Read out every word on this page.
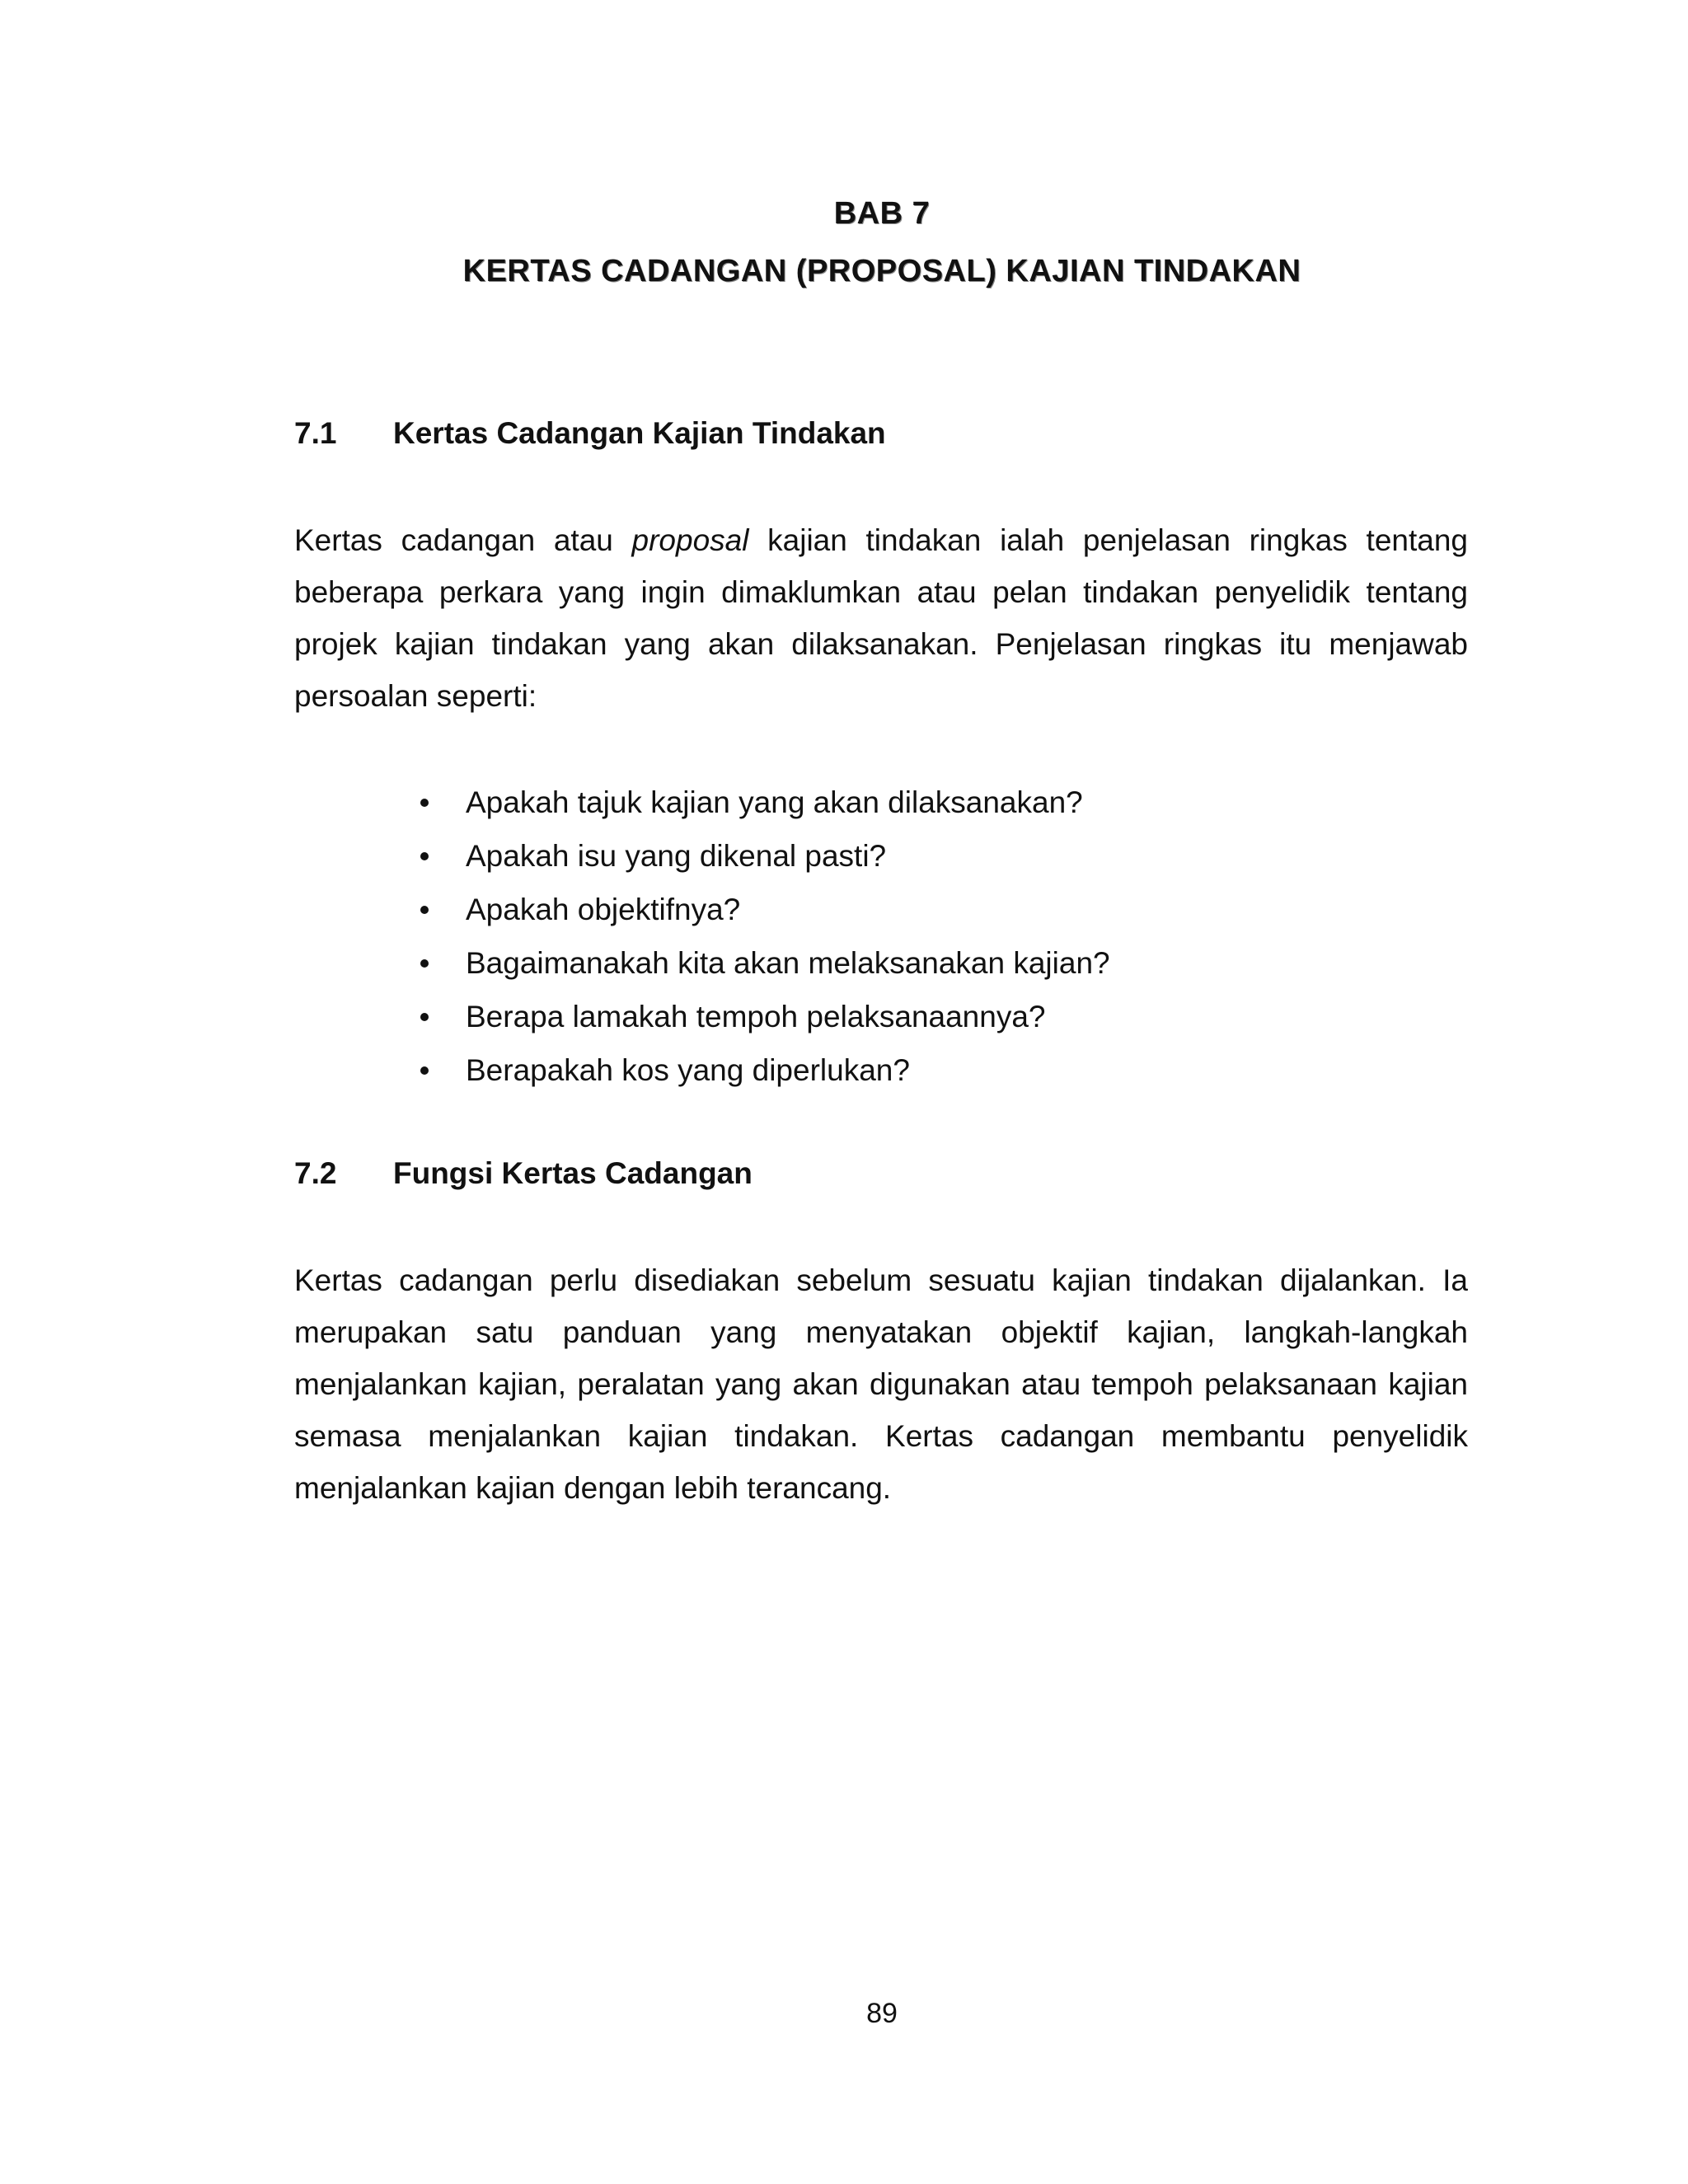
BAB 7
KERTAS CADANGAN (PROPOSAL) KAJIAN TINDAKAN
7.1	Kertas Cadangan Kajian Tindakan
Kertas cadangan atau proposal kajian tindakan ialah penjelasan ringkas tentang
beberapa perkara yang ingin dimaklumkan atau pelan tindakan penyelidik tentang
projek kajian tindakan yang akan dilaksanakan. Penjelasan ringkas itu menjawab
persoalan seperti:
Apakah tajuk kajian yang akan dilaksanakan?
Apakah isu yang dikenal pasti?
Apakah objektifnya?
Bagaimanakah kita akan melaksanakan kajian?
Berapa lamakah tempoh pelaksanaannya?
Berapakah kos yang diperlukan?
7.2	Fungsi Kertas Cadangan
Kertas cadangan perlu disediakan sebelum sesuatu kajian tindakan dijalankan. Ia
merupakan satu panduan yang menyatakan objektif kajian, langkah-langkah
menjalankan kajian, peralatan yang akan digunakan atau tempoh pelaksanaan kajian
semasa menjalankan kajian tindakan. Kertas cadangan membantu penyelidik
menjalankan kajian dengan lebih terancang.
89
